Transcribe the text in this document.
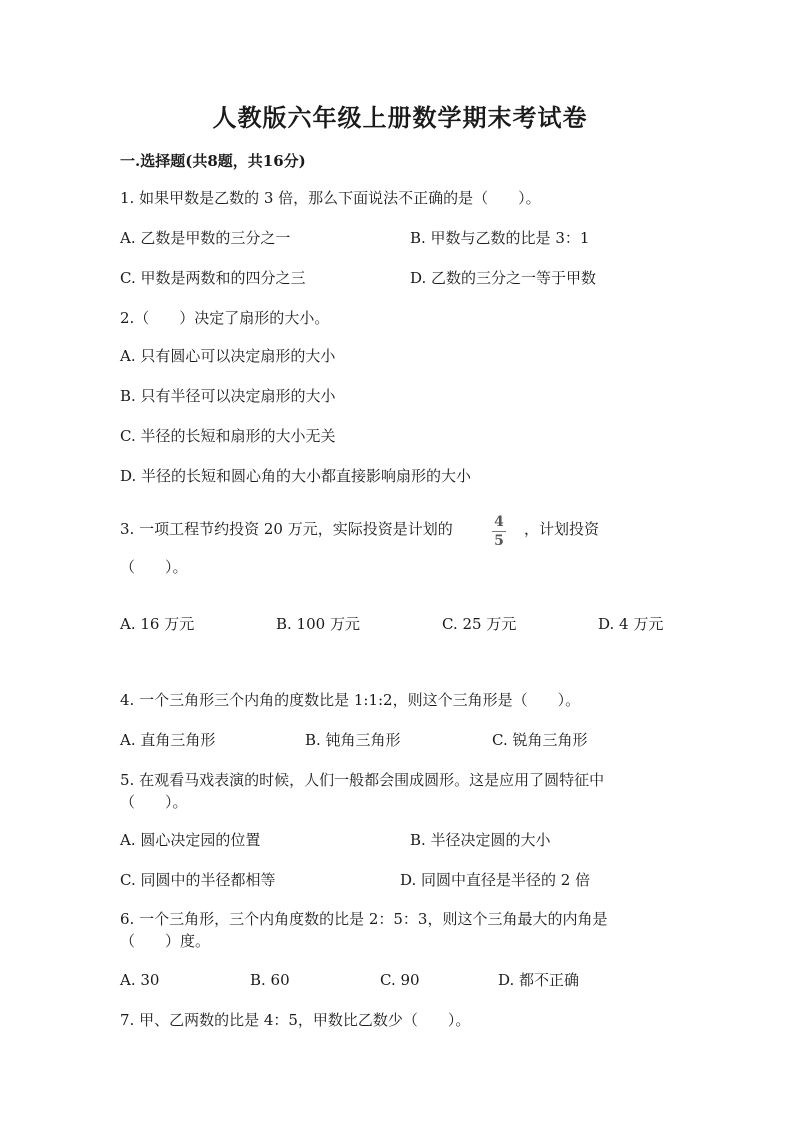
人教版六年级上册数学期末考试卷
一.选择题(共8题，共16分)
1. 如果甲数是乙数的 3 倍，那么下面说法不正确的是（　　）。
A. 乙数是甲数的三分之一	B. 甲数与乙数的比是 3：1
C. 甲数是两数和的四分之三	D. 乙数的三分之一等于甲数
2.（　　）决定了扇形的大小。
A. 只有圆心可以决定扇形的大小
B. 只有半径可以决定扇形的大小
C. 半径的长短和扇形的大小无关
D. 半径的长短和圆心角的大小都直接影响扇形的大小
3. 一项工程节约投资 20 万元，实际投资是计划的	4
5
，计划投资
（　　）。
A. 16 万元	B. 100 万元	C. 25 万元	D. 4 万元
4. 一个三角形三个内角的度数比是 1:1:2，则这个三角形是（　　）。
A. 直角三角形	B. 钝角三角形	C. 锐角三角形
5. 在观看马戏表演的时候，人们一般都会围成圆形。这是应用了圆特征中
（　　）。
A. 圆心决定园的位置	B. 半径决定圆的大小
C. 同圆中的半径都相等	D. 同圆中直径是半径的 2 倍
6. 一个三角形，三个内角度数的比是 2：5：3，则这个三角最大的内角是
（　　）度。
A. 30	B. 60	C. 90	D. 都不正确
7. 甲、乙两数的比是 4：5，甲数比乙数少（　　）。
